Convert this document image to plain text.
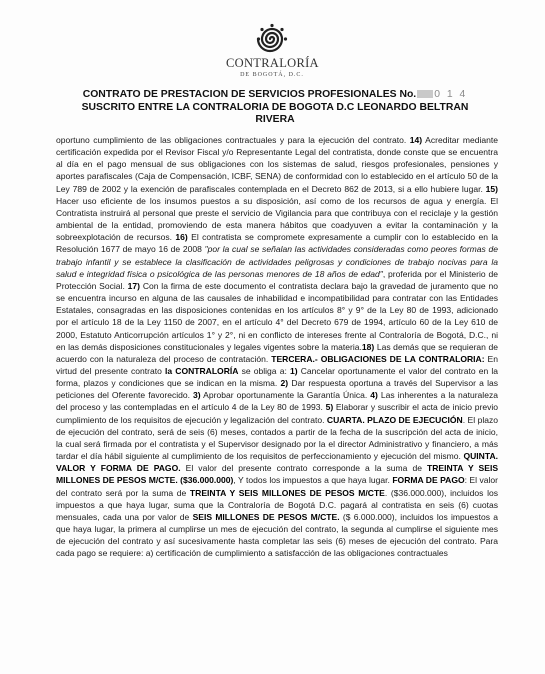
CONTRALORÍA
DE BOGOTÁ, D.C.
CONTRATO DE PRESTACION DE SERVICIOS PROFESIONALES No. 0 1 4
SUSCRITO ENTRE LA CONTRALORIA DE BOGOTA D.C LEONARDO BELTRAN
RIVERA
oportuno cumplimiento de las obligaciones contractuales y para la ejecución del contrato. 14) Acreditar mediante certificación expedida por el Revisor Fiscal y/o Representante Legal del contratista, donde conste que se encuentra al día en el pago mensual de sus obligaciones con los sistemas de salud, riesgos profesionales, pensiones y aportes parafiscales (Caja de Compensación, ICBF, SENA) de conformidad con lo establecido en el artículo 50 de la Ley 789 de 2002 y la exención de parafiscales contemplada en el Decreto 862 de 2013, si a ello hubiere lugar. 15) Hacer uso eficiente de los insumos puestos a su disposición, así como de los recursos de agua y energía. El Contratista instruirá al personal que preste el servicio de Vigilancia para que contribuya con el reciclaje y la gestión ambiental de la entidad, promoviendo de esta manera hábitos que coadyuven a evitar la contaminación y la sobreexplotación de recursos. 16) El contratista se compromete expresamente a cumplir con lo establecido en la Resolución 1677 de mayo 16 de 2008 "por la cual se señalan las actividades consideradas como peores formas de trabajo infantil y se establece la clasificación de actividades peligrosas y condiciones de trabajo nocivas para la salud e integridad física o psicológica de las personas menores de 18 años de edad", proferida por el Ministerio de Protección Social. 17) Con la firma de este documento el contratista declara bajo la gravedad de juramento que no se encuentra incurso en alguna de las causales de inhabilidad e incompatibilidad para contratar con las Entidades Estatales, consagradas en las disposiciones contenidas en los artículos 8° y 9° de la Ley 80 de 1993, adicionado por el artículo 18 de la Ley 1150 de 2007, en el artículo 4° del Decreto 679 de 1994, artículo 60 de la Ley 610 de 2000, Estatuto Anticorrupción artículos 1° y 2°, ni en conflicto de intereses frente al Contraloría de Bogotá, D.C., ni en las demás disposiciones constitucionales y legales vigentes sobre la materia.18) Las demás que se requieran de acuerdo con la naturaleza del proceso de contratación. TERCERA.- OBLIGACIONES DE LA CONTRALORIA: En virtud del presente contrato la CONTRALORÍA se obliga a: 1) Cancelar oportunamente el valor del contrato en la forma, plazos y condiciones que se indican en la misma. 2) Dar respuesta oportuna a través del Supervisor a las peticiones del Oferente favorecido. 3) Aprobar oportunamente la Garantía Única. 4) Las inherentes a la naturaleza del proceso y las contempladas en el artículo 4 de la Ley 80 de 1993. 5) Elaborar y suscribir el acta de inicio previo cumplimiento de los requisitos de ejecución y legalización del contrato. CUARTA. PLAZO DE EJECUCIÓN. El plazo de ejecución del contrato, será de seis (6) meses, contados a partir de la fecha de la suscripción del acta de inicio, la cual será firmada por el contratista y el Supervisor designado por la el director Administrativo y financiero, a más tardar el día hábil siguiente al cumplimiento de los requisitos de perfeccionamiento y ejecución del mismo. QUINTA. VALOR Y FORMA DE PAGO. El valor del presente contrato corresponde a la suma de TREINTA Y SEIS MILLONES DE PESOS M/CTE. ($36.000.000), Y todos los impuestos a que haya lugar. FORMA DE PAGO: El valor del contrato será por la suma de TREINTA Y SEIS MILLONES DE PESOS M/CTE. ($36.000.000), incluidos los impuestos a que haya lugar, suma que la Contraloría de Bogotá D.C. pagará al contratista en seis (6) cuotas mensuales, cada una por valor de SEIS MILLONES DE PESOS M/CTE. ($ 6.000.000), incluidos los impuestos a que haya lugar, la primera al cumplirse un mes de ejecución del contrato, la segunda al cumplirse el siguiente mes de ejecución del contrato y así sucesivamente hasta completar las seis (6) meses de ejecución del contrato. Para cada pago se requiere: a) certificación de cumplimiento a satisfacción de las obligaciones contractuales
